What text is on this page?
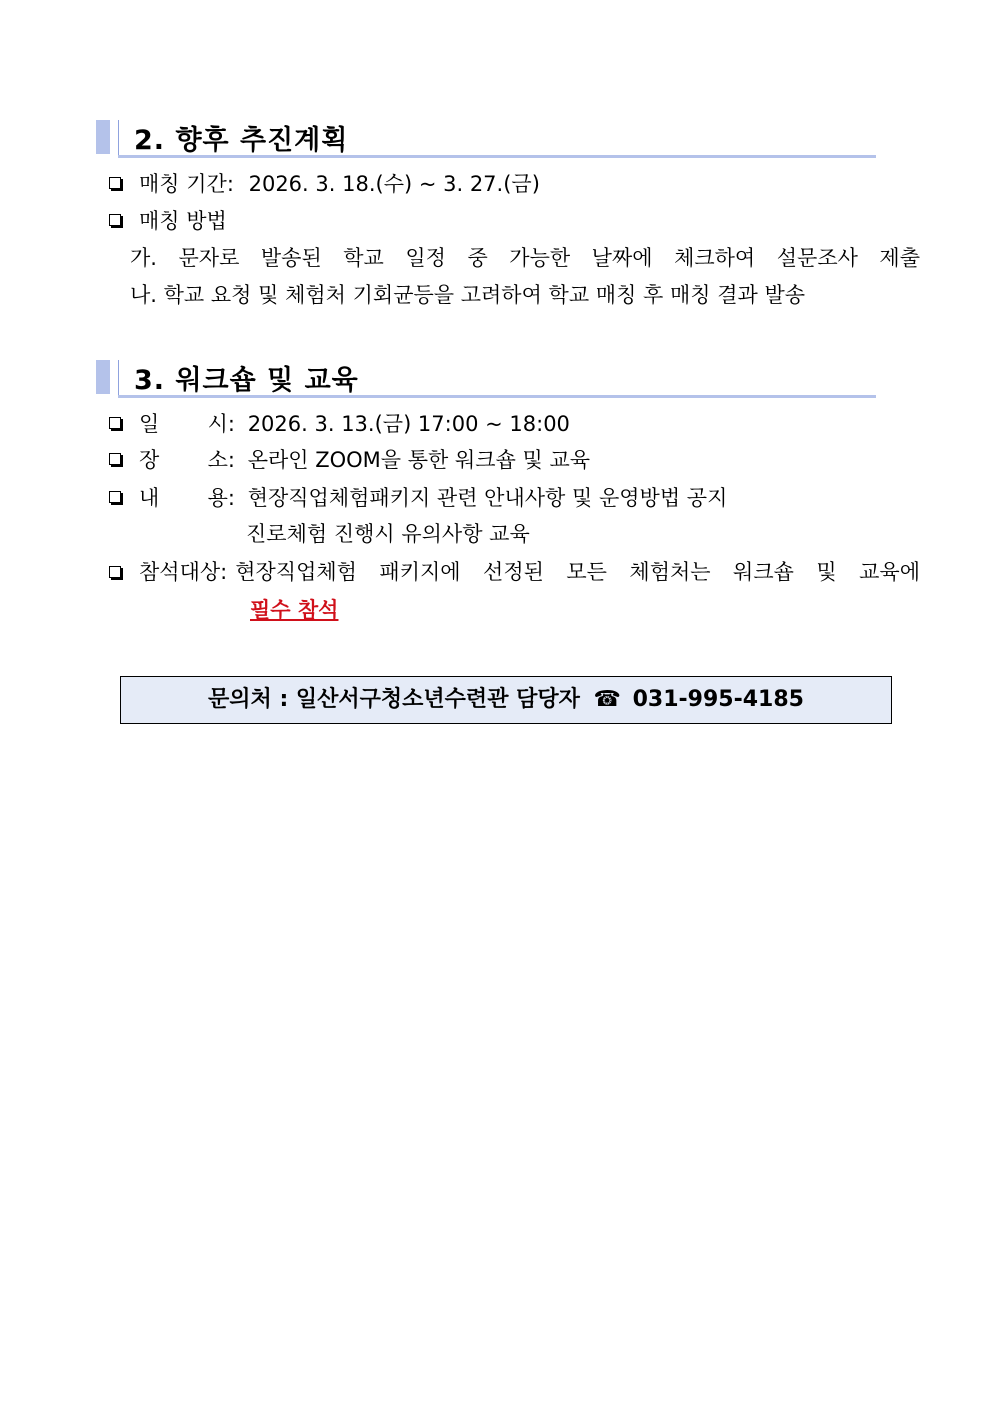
2. 향후 추진계획
매칭 기간: 2026. 3. 18.(수) ~ 3. 27.(금)
매칭 방법
가. 문자로 발송된 학교 일정 중 가능한 날짜에 체크하여 설문조사 제출
나. 학교 요청 및 체험처 기회균등을 고려하여 학교 매칭 후 매칭 결과 발송
3. 워크숍 및 교육
일 시: 2026. 3. 13.(금) 17:00 ~ 18:00
장 소: 온라인 ZOOM을 통한 워크숍 및 교육
내 용: 현장직업체험패키지 관련 안내사항 및 운영방법 공지
진로체험 진행시 유의사항 교육
참석대상: 현장직업체험 패키지에 선정된 모든 체험처는 워크숍 및 교육에
필수 참석
문의처 : 일산서구청소년수련관 담당자 ☎ 031-995-4185
